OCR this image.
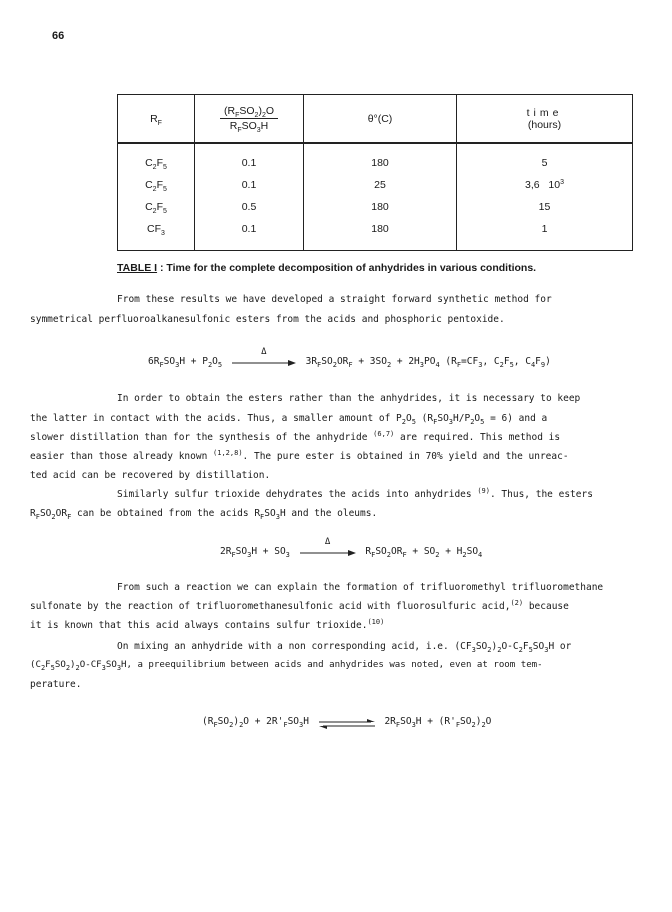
66
$R_F$	$\frac{(R_FSO_2)_2O}{R_FSO_3H}$	θ°(C)	time
(hours)

$C_2F_5$	0.1	180	5
$C_2F_5$	0.1	25	3,6   $10^3$
$C_2F_5$	0.5	180	15
$CF_3$	0.1	180	1

TABLE I : Time for the complete decomposition of anhydrides in various conditions.
From these results we have developed a straight forward synthetic method for
symmetrical perfluoroalkanesulfonic esters from the acids and phosphoric pentoxide.
$6R_FSO_3H + P_2O_5$
Δ
$3R_FSO_2OR_F + 3SO_2 + 2H_3PO_4$ ($R_F=CF_3$, $C_2F_5$, $C_4F_9$)
In order to obtain the esters rather than the anhydrides, it is necessary to keep
the latter in contact with the acids. Thus, a smaller amount of $P_2O_5$ $(R_FSO_3H/P_2O_5 = 6)$ and a
slower distillation than for the synthesis of the anhydride $^{(6,7)}$ are required. This method is
easier than those already known $^{(1,2,8)}$. The pure ester is obtained in 70% yield and the unreac-
ted acid can be recovered by distillation.
Similarly sulfur trioxide dehydrates the acids into anhydrides $^{(9)}$. Thus, the esters
$R_FSO_2OR_F$ can be obtained from the acids $R_FSO_3H$ and the oleums.
$2R_FSO_3H + SO_3$
Δ
$R_FSO_2OR_F + SO_2 + H_2SO_4$
From such a reaction we can explain the formation of trifluoromethyl trifluoromethane
sulfonate by the reaction of trifluoromethanesulfonic acid with fluorosulfuric acid,$^{(2)}$ because
it is known that this acid always contains sulfur trioxide.$^{(10)}$
On mixing an anhydride with a non corresponding acid, i.e. $(CF_3SO_2)_2O-C_2F_5SO_3H$ or
$(C_2F_5SO_2)_2O-CF_3SO_3H$, a preequilibrium between acids and anhydrides was noted, even at room tem-
perature.
$(R_FSO_2)_2O + 2R'_FSO_3H$	$2R_FSO_3H + (R'_FSO_2)_2O$
